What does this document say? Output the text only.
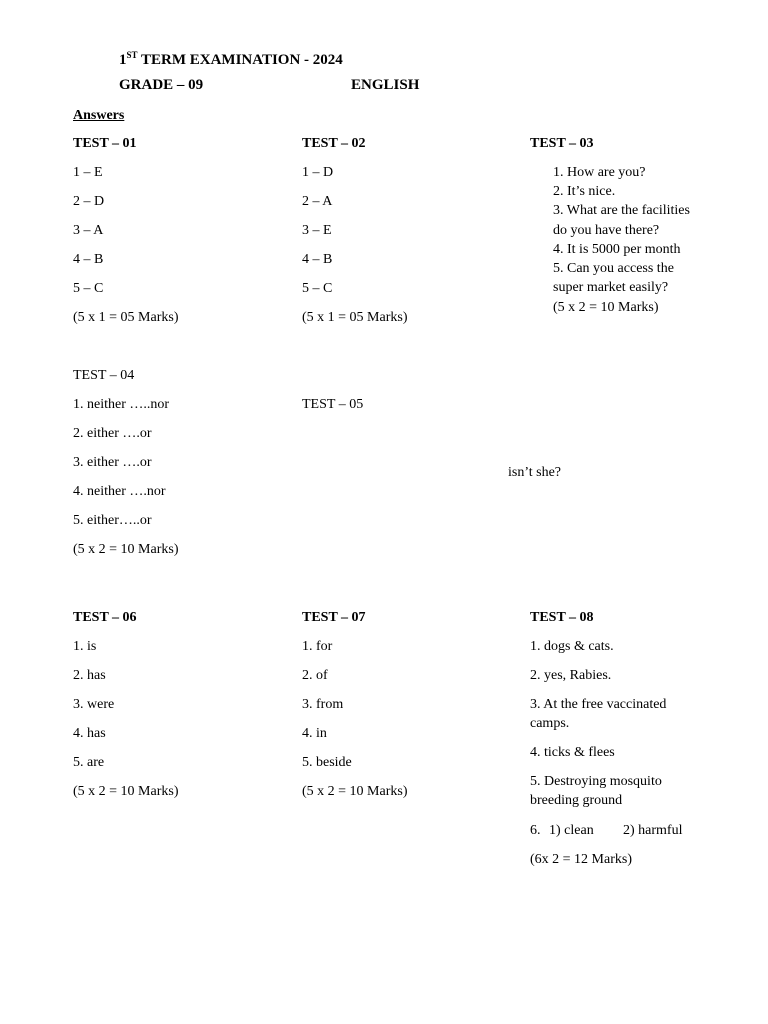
1ST TERM EXAMINATION - 2024
GRADE – 09	ENGLISH
Answers
TEST – 01
1 – E
2 – D
3 – A
4 – B
5 – C
(5 x 1 = 05 Marks)
TEST – 02
1 – D
2 – A
3 – E
4 – B
5 – C
(5 x 1 = 05 Marks)
TEST – 03
1. How are you?
2. It’s nice.
3. What are the facilities
do you have there?
4. It is 5000 per month
5. Can you access the
super market easily?
(5 x 2 = 10 Marks)
TEST – 04
1. neither …..nor
2. either ….or
3. either ….or
4. neither ….nor
5. either…..or
(5 x 2 = 10 Marks)
TEST – 05
isn’t she?
TEST – 06
1. is
2. has
3. were
4. has
5. are
(5 x 2 = 10 Marks)
TEST – 07
1. for
2. of
3. from
4. in
5. beside
(5 x 2 = 10 Marks)
TEST – 08
1. dogs & cats.
2. yes, Rabies.
3. At the free vaccinated
camps.
4. ticks & flees
5. Destroying mosquito
breeding ground
6. 1) clean 2) harmful
(6x 2 = 12 Marks)
